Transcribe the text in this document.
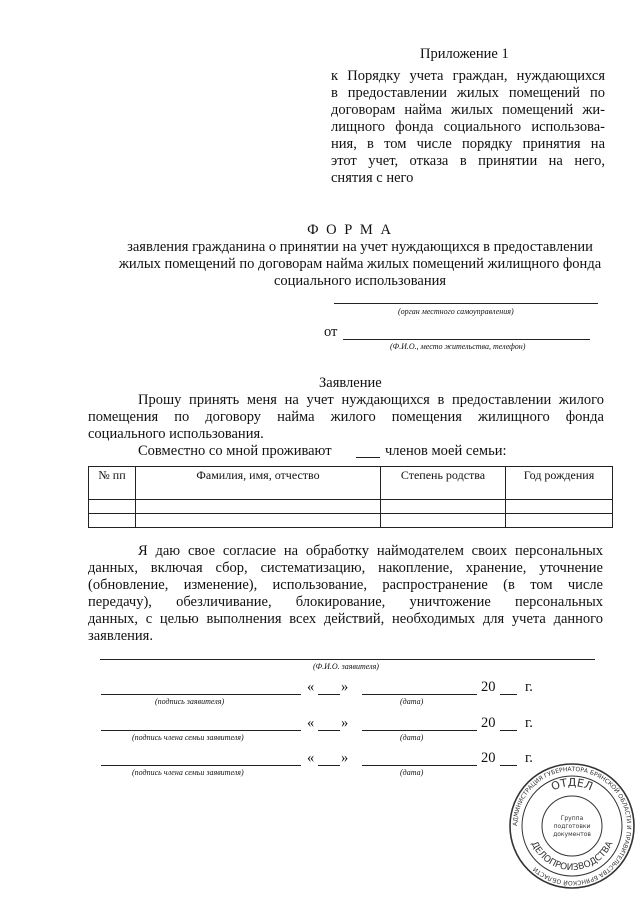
Приложение 1
к Порядку учета граждан, нуждающихся
в предоставлении жилых помещений по
договорам найма жилых помещений жи-
лищного фонда социального использова-
ния, в том числе порядку принятия на
этот учет, отказа в принятии на него,
снятия с него
Ф О Р М А
заявления гражданина о принятии на учет нуждающихся в предоставлении
жилых помещений по договорам найма жилых помещений жилищного фонда
социального использования
(орган местного самоуправления)
от
(Ф.И.О., место жительства, телефон)
Заявление
Прошу принять меня на учет нуждающихся в предоставлении жилого
помещения по договору найма жилого помещения жилищного фонда
социального использования.
Совместно со мной проживают	членов моей семьи:
№ пп	Фамилия, имя, отчество	Степень родства	Год рождения

Я даю свое согласие на обработку наймодателем своих персональных
данных, включая сбор, систематизацию, накопление, хранение, уточнение
(обновление, изменение), использование, распространение (в том числе
передачу), обезличивание, блокирование, уничтожение персональных
данных, с целью выполнения всех действий, необходимых для учета данного
заявления.
(Ф.И.О. заявителя)
(подпись заявителя)
« »
(дата)
20 г.
(подпись члена семьи заявителя)
« »
(дата)
20 г.
(подпись члена семьи заявителя)
« »
(дата)
20 г.
АДМИНИСТРАЦИЯ ГУБЕРНАТОРА БРЯНСКОЙ ОБЛАСТИ И ПРАВИТЕЛЬСТВА БРЯНСКОЙ ОБЛАСТИ
ОТДЕЛ
ДЕЛОПРОИЗВОДСТВА
Группа
подготовки
документов
